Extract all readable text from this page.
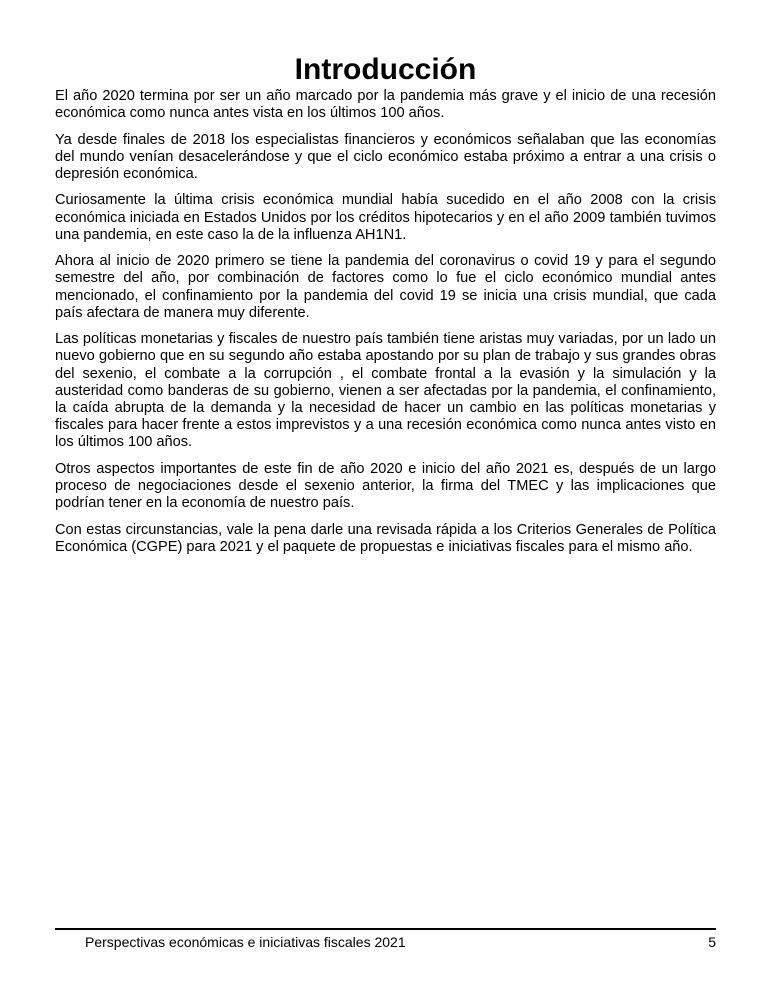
Introducción

El año 2020 termina por ser un año marcado por la pandemia más grave y el inicio de una recesión económica como nunca antes vista en los últimos 100 años.

Ya desde finales de 2018 los especialistas financieros y económicos señalaban que las economías del mundo venían desacelerándose y que el ciclo económico estaba próximo a entrar a una crisis o depresión económica.

Curiosamente la última crisis económica mundial había sucedido en el año 2008 con la crisis económica iniciada en Estados Unidos por los créditos hipotecarios y en el año 2009 también tuvimos una pandemia, en este caso la de la influenza AH1N1.

Ahora al inicio de 2020 primero se tiene la pandemia del coronavirus o covid 19 y para el segundo semestre del año, por combinación de factores como lo fue el ciclo económico mundial antes mencionado, el confinamiento por la pandemia del covid 19 se inicia una crisis mundial, que cada país afectara de manera muy diferente.

Las políticas monetarias y fiscales de nuestro país también tiene aristas muy variadas, por un lado un nuevo gobierno que en su segundo año estaba apostando por su plan de trabajo y sus grandes obras del sexenio, el combate a la corrupción , el combate frontal a la evasión y la simulación y la austeridad como banderas de su gobierno, vienen a ser afectadas por la pandemia, el confinamiento, la caída abrupta de la demanda y la necesidad de hacer un cambio en las políticas monetarias y fiscales para hacer frente a estos imprevistos y a una recesión económica como nunca antes visto en los últimos 100 años.

Otros aspectos importantes de este fin de año 2020 e inicio del año 2021 es, después de un largo proceso de negociaciones desde el sexenio anterior, la firma del TMEC y las implicaciones que podrían tener en la economía de nuestro país.

Con estas circunstancias, vale la pena darle una revisada rápida a los Criterios Generales de Política Económica (CGPE) para 2021 y el paquete de propuestas e iniciativas fiscales para el mismo año.

Perspectivas económicas e iniciativas fiscales 2021	5
